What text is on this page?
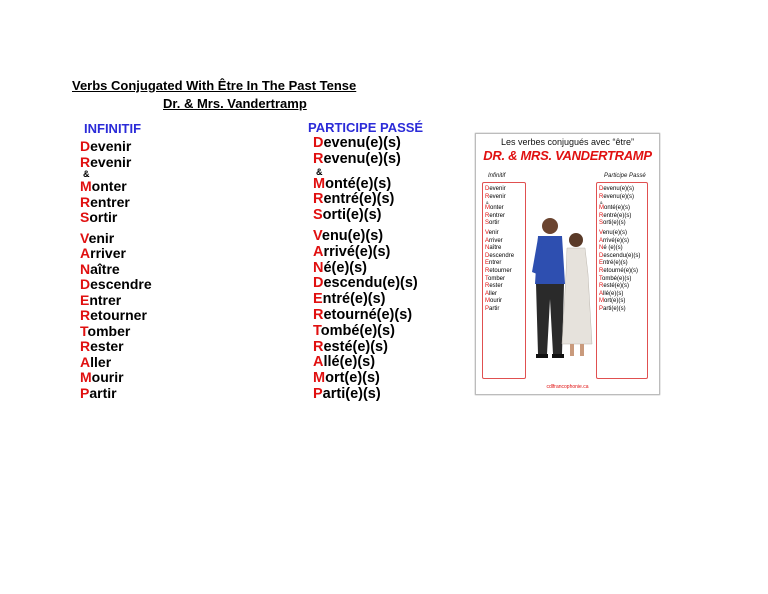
Verbs Conjugated With Être In The Past Tense
Dr. & Mrs. Vandertramp
INFINITIF	PARTICIPE PASSÉ
Devenir
Revenir
&
Monter
Rentrer
Sortir
Venir
Arriver
Naître
Descendre
Entrer
Retourner
Tomber
Rester
Aller
Mourir
Partir
Devenu(e)(s)
Revenu(e)(s)
&
Monté(e)(s)
Rentré(e)(s)
Sorti(e)(s)
Venu(e)(s)
Arrivé(e)(s)
Né(e)(s)
Descendu(e)(s)
Entré(e)(s)
Retourné(e)(s)
Tombé(e)(s)
Resté(e)(s)
Allé(e)(s)
Mort(e)(s)
Parti(e)(s)
Les verbes conjugués avec “être”
DR. & MRS. VANDERTRAMP
Infinitif	Participe Passé
Devenir
Revenir
&
Monter
Rentrer
Sortir
Venir
Arriver
Naître
Descendre
Entrer
Retourner
Tomber
Rester
Aller
Mourir
Partir
Devenu(e)(s)
Revenu(e)(s)
&
Monté(e)(s)
Rentré(e)(s)
Sorti(e)(s)
Venu(e)(s)
Arrivé(e)(s)
Né (e)(s)
Descendu(e)(s)
Entré(e)(s)
Retourné(e)(s)
Tombé(e)(s)
Resté(e)(s)
Allé(e)(s)
Mort(e)(s)
Parti(e)(s)
cdlfrancophonie.ca
